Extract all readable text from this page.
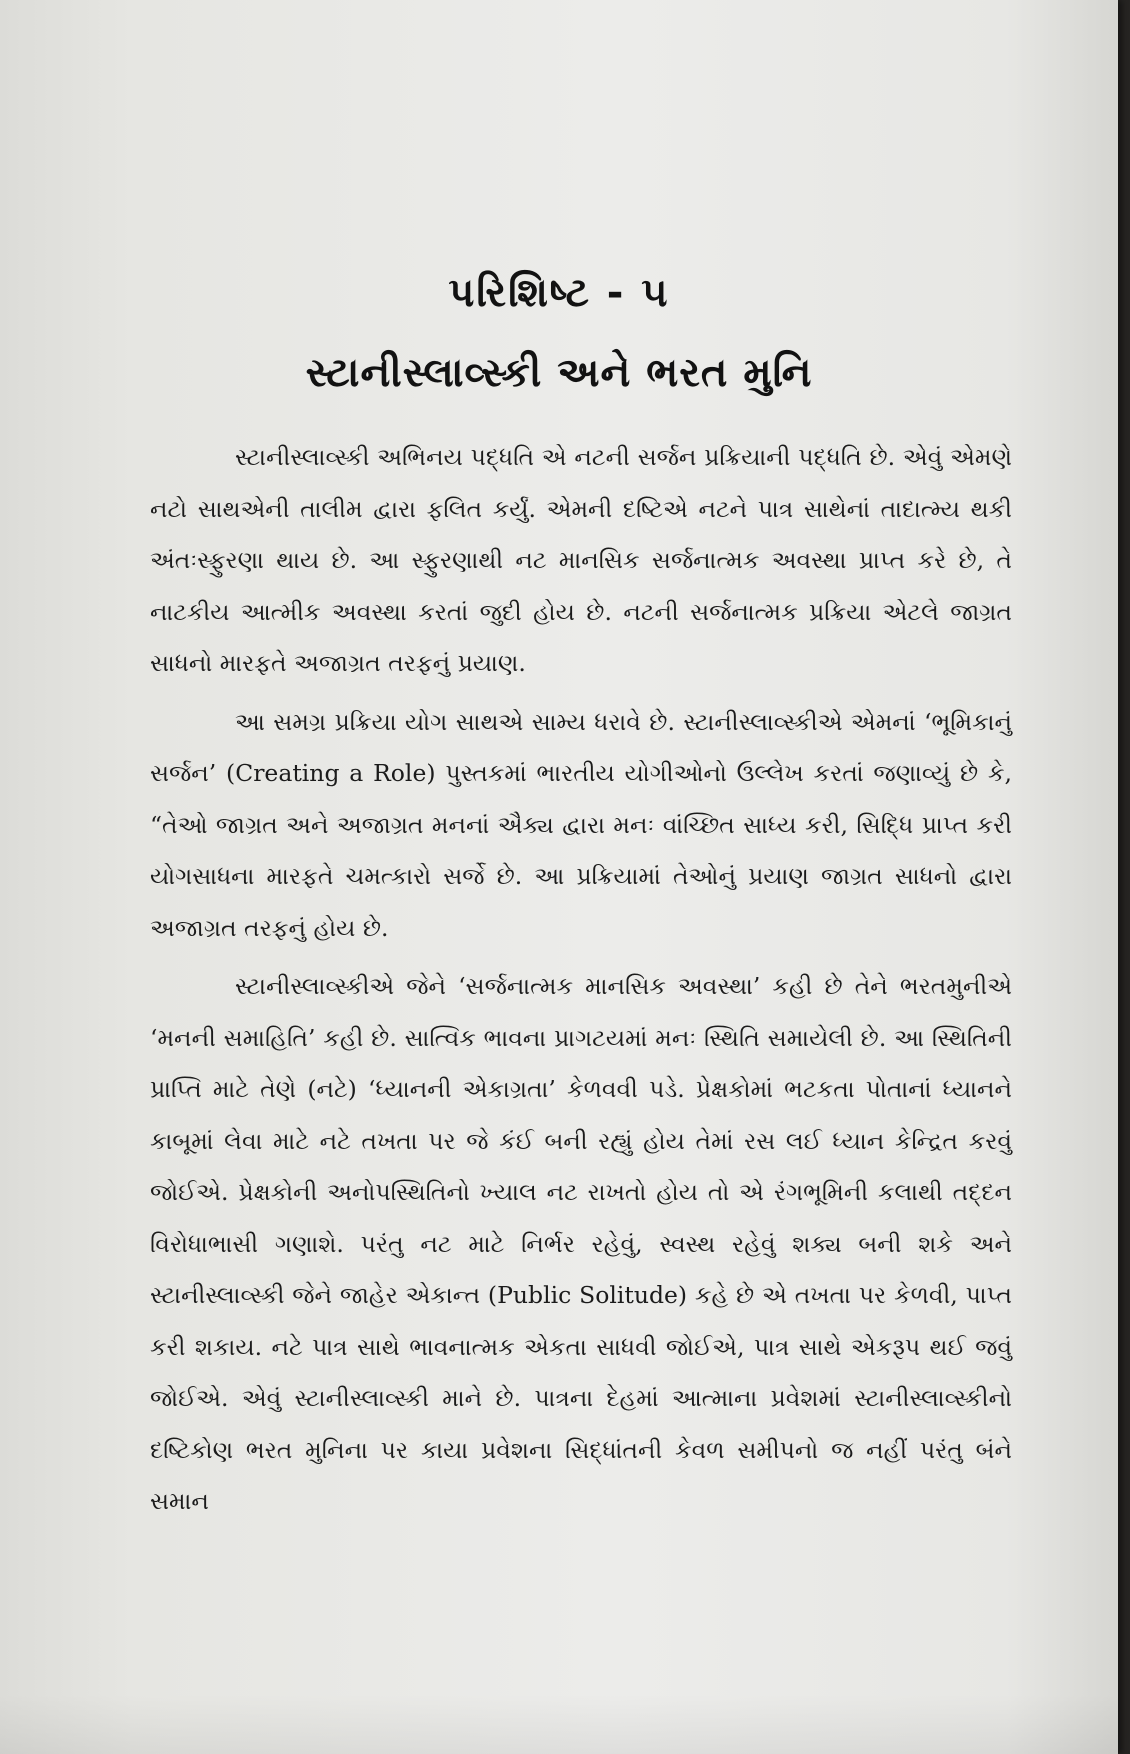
પરિશિષ્ટ - ૫
સ્ટાનીસ્લાવ્સ્કી અને ભરત મુનિ

સ્ટાનીસ્લાવ્સ્કી અભિનય પદ્ધતિ એ નટની સર્જન પ્રક્રિયાની પદ્ધતિ છે. એવું એમણે નટો સાથએની તાલીમ દ્વારા ફલિત કર્યું. એમની દષ્ટિએ નટને પાત્ર સાથેનાં તાદાત્મ્ય થકી અંતઃસ્ફુરણા થાય છે. આ સ્ફુરણાથી નટ માનસિક સર્જનાત્મક અવસ્થા પ્રાપ્ત કરે છે, તે નાટકીય આત્મીક અવસ્થા કરતાં જુદી હોય છે. નટની સર્જનાત્મક પ્રક્રિયા એટલે જાગ્રત સાધનો મારફતે અજાગ્રત તરફનું પ્રયાણ.

આ સમગ્ર પ્રક્રિયા યોગ સાથએ સામ્ય ધરાવે છે. સ્ટાનીસ્લાવ્સ્કીએ એમનાં ‘ભૂમિકાનું સર્જન’ (Creating a Role) પુસ્તકમાં ભારતીય યોગીઓનો ઉલ્લેખ કરતાં જણાવ્યું છે કે, “તેઓ જાગ્રત અને અજાગ્રત મનનાં ઐક્ય દ્વારા મનઃ વાંચ્છિત સાધ્ય કરી, સિદ્ધિ પ્રાપ્ત કરી યોગસાધના મારફતે ચમત્કારો સર્જે છે. આ પ્રક્રિયામાં તેઓનું પ્રયાણ જાગ્રત સાધનો દ્વારા અજાગ્રત તરફનું હોય છે.

સ્ટાનીસ્લાવ્સ્કીએ જેને ‘સર્જનાત્મક માનસિક અવસ્થા’ કહી છે તેને ભરતમુનીએ ‘મનની સમાહિતિ’ કહી છે. સાત્વિક ભાવના પ્રાગટયમાં મનઃ સ્થિતિ સમાયેલી છે. આ સ્થિતિની પ્રાપ્તિ માટે તેણે (નટે) ‘ધ્યાનની એકાગ્રતા’ કેળવવી પડે. પ્રેક્ષકોમાં ભટકતા પોતાનાં ધ્યાનને કાબૂમાં લેવા માટે નટે તખતા પર જે કંઈ બની રહ્યું હોય તેમાં રસ લઈ ધ્યાન કેન્દ્રિત કરવું જોઈએ. પ્રેક્ષકોની અનોપસ્થિતિનો ખ્યાલ નટ રાખતો હોય તો એ રંગભૂમિની કલાથી તદ્દન વિરોધાભાસી ગણાશે. પરંતુ નટ માટે નિર્ભર રહેવું, સ્વસ્થ રહેવું શક્ય બની શકે અને સ્ટાનીસ્લાવ્સ્કી જેને જાહેર એકાન્ત (Public Solitude) કહે છે એ તખતા પર કેળવી, પાપ્ત કરી શકાય. નટે પાત્ર સાથે ભાવનાત્મક એકતા સાધવી જોઈએ, પાત્ર સાથે એકરૂપ થઈ જવું જોઈએ. એવું સ્ટાનીસ્લાવ્સ્કી માને છે. પાત્રના દેહમાં આત્માના પ્રવેશમાં સ્ટાનીસ્લાવ્સ્કીનો દષ્ટિકોણ ભરત મુનિના પર કાયા પ્રવેશના સિદ્ધાંતની કેવળ સમીપનો જ નહીં પરંતુ બંને સમાન
